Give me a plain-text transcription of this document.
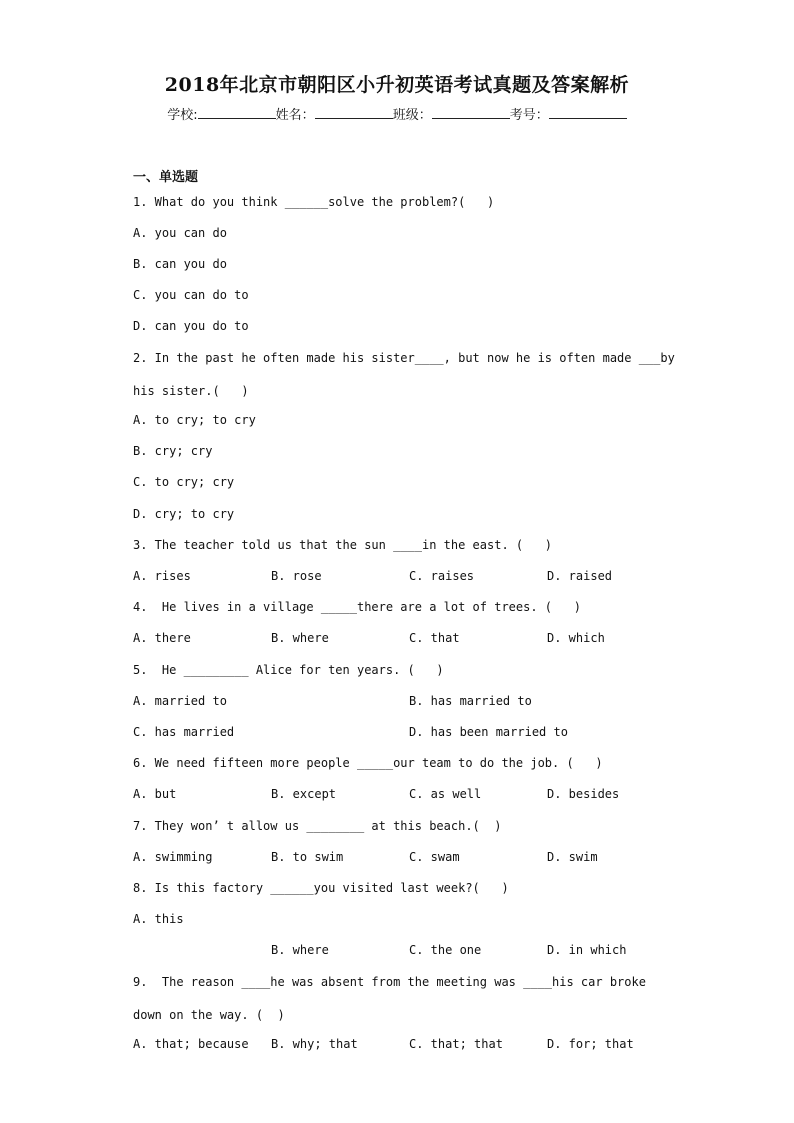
2018年北京市朝阳区小升初英语考试真题及答案解析
学校:	姓名：	班级：	考号：
一、单选题
1. What do you think ______solve the problem?(   )
A. you can do
B. can you do
C. you can do to
D. can you do to
2. In the past he often made his sister____, but now he is often made ___by
his sister.(   )
A. to cry; to cry
B. cry; cry
C. to cry; cry
D. cry; to cry
3. The teacher told us that the sun ____in the east. (   )
A. rises	B. rose	C. raises	D. raised
4.  He lives in a village _____there are a lot of trees. (   )
A. there	B. where	C. that	D. which
5.  He _________ Alice for ten years. (   )
A. married to	B. has married to
C. has married	D. has been married to
6. We need fifteen more people _____our team to do the job. (   )
A. but	B. except	C. as well	D. besides
7. They won’ t allow us ________ at this beach.(  )
A. swimming	B. to swim	C. swam	D. swim
8. Is this factory ______you visited last week?(   )
A. this
B. where	C. the one	D. in which
9.  The reason ____he was absent from the meeting was ____his car broke
down on the way. (  )
A. that; because B. why; that	C. that; that	D. for; that
